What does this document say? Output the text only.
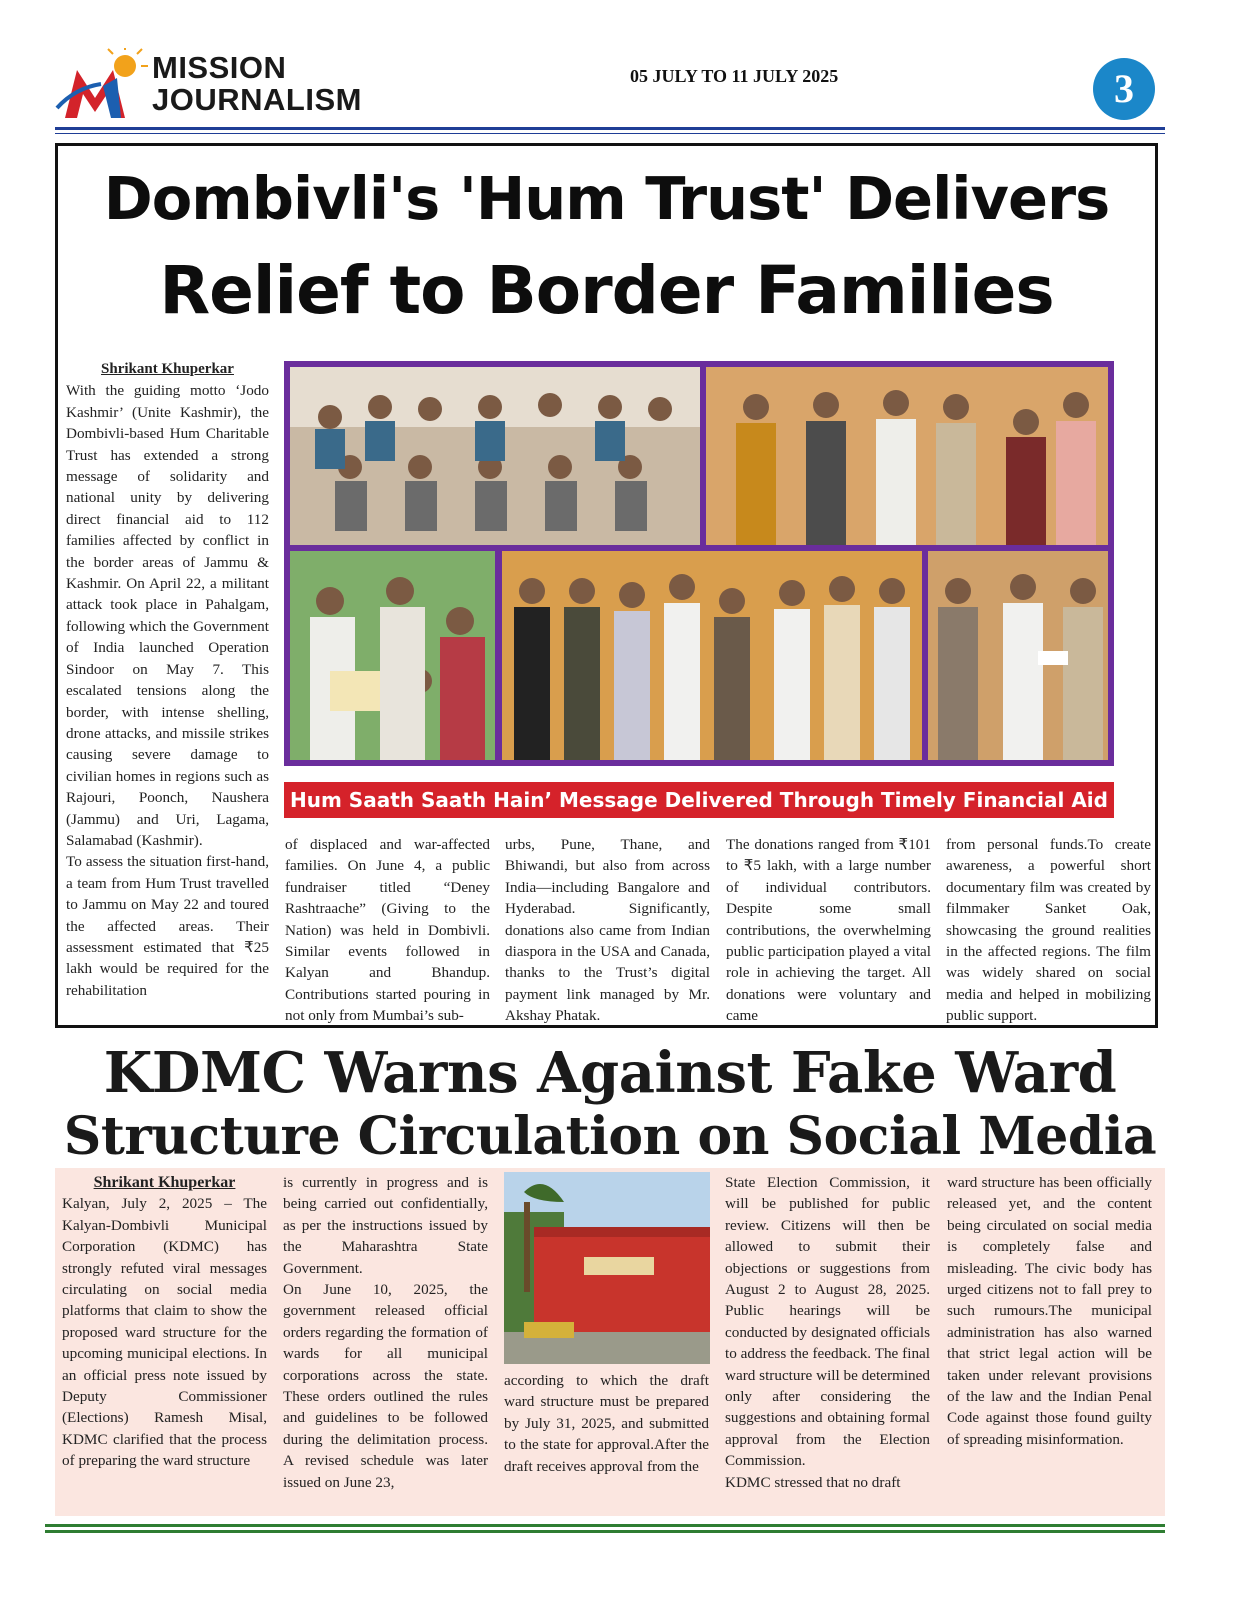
MISSION
JOURNALISM
05 JULY TO 11 JULY 2025	3
Dombivli's 'Hum Trust' Delivers
Relief to Border Families
Shrikant Khuperkar
With the guiding motto ‘Jodo Kashmir’ (Unite Kashmir), the Dombivli-based Hum Charitable Trust has extended a strong message of solidarity and national unity by delivering direct financial aid to 112 families affected by conflict in the border areas of Jammu & Kashmir. On April 22, a militant attack took place in Pahalgam, following which the Government of India launched Operation Sindoor on May 7. This escalated tensions along the border, with intense shelling, drone attacks, and missile strikes causing severe damage to civilian homes in regions such as Rajouri, Poonch, Naushera (Jammu) and Uri, Lagama, Salamabad (Kashmir).
To assess the situation first-hand, a team from Hum Trust travelled to Jammu on May 22 and toured the affected areas. Their assessment estimated that ₹25 lakh would be required for the rehabilitation
Hum Saath Saath Hain’ Message Delivered Through Timely Financial Aid
of displaced and war-affected families. On June 4, a public fundraiser titled “Deney Rashtraache” (Giving to the Nation) was held in Dombivli. Similar events followed in Kalyan and Bhandup. Contributions started pouring in not only from Mumbai’s sub-
urbs, Pune, Thane, and Bhiwandi, but also from across India—including Bangalore and Hyderabad. Significantly, donations also came from Indian diaspora in the USA and Canada, thanks to the Trust’s digital payment link managed by Mr. Akshay Phatak.
The donations ranged from ₹101 to ₹5 lakh, with a large number of individual contributors. Despite some small contributions, the overwhelming public participation played a vital role in achieving the target. All donations were voluntary and came
from personal funds.To create awareness, a powerful short documentary film was created by filmmaker Sanket Oak, showcasing the ground realities in the affected regions. The film was widely shared on social media and helped in mobilizing public support.
KDMC Warns Against Fake Ward
Structure Circulation on Social Media
Shrikant Khuperkar
Kalyan, July 2, 2025 – The Kalyan-Dombivli Municipal Corporation (KDMC) has strongly refuted viral messages circulating on social media platforms that claim to show the proposed ward structure for the upcoming municipal elections. In an official press note issued by Deputy Commissioner (Elections) Ramesh Misal, KDMC clarified that the process of preparing the ward structure
is currently in progress and is being carried out confidentially, as per the instructions issued by the Maharashtra State Government.
On June 10, 2025, the government released official orders regarding the formation of wards for all municipal corporations across the state. These orders outlined the rules and guidelines to be followed during the delimitation process. A revised schedule was later issued on June 23,
according to which the draft ward structure must be prepared by July 31, 2025, and submitted to the state for approval.After the draft receives approval from the
State Election Commission, it will be published for public review. Citizens will then be allowed to submit their objections or suggestions from August 2 to August 28, 2025. Public hearings will be conducted by designated officials to address the feedback. The final ward structure will be determined only after considering the suggestions and obtaining formal approval from the Election Commission.
KDMC stressed that no draft
ward structure has been officially released yet, and the content being circulated on social media is completely false and misleading. The civic body has urged citizens not to fall prey to such rumours.The municipal administration has also warned that strict legal action will be taken under relevant provisions of the law and the Indian Penal Code against those found guilty of spreading misinformation.
